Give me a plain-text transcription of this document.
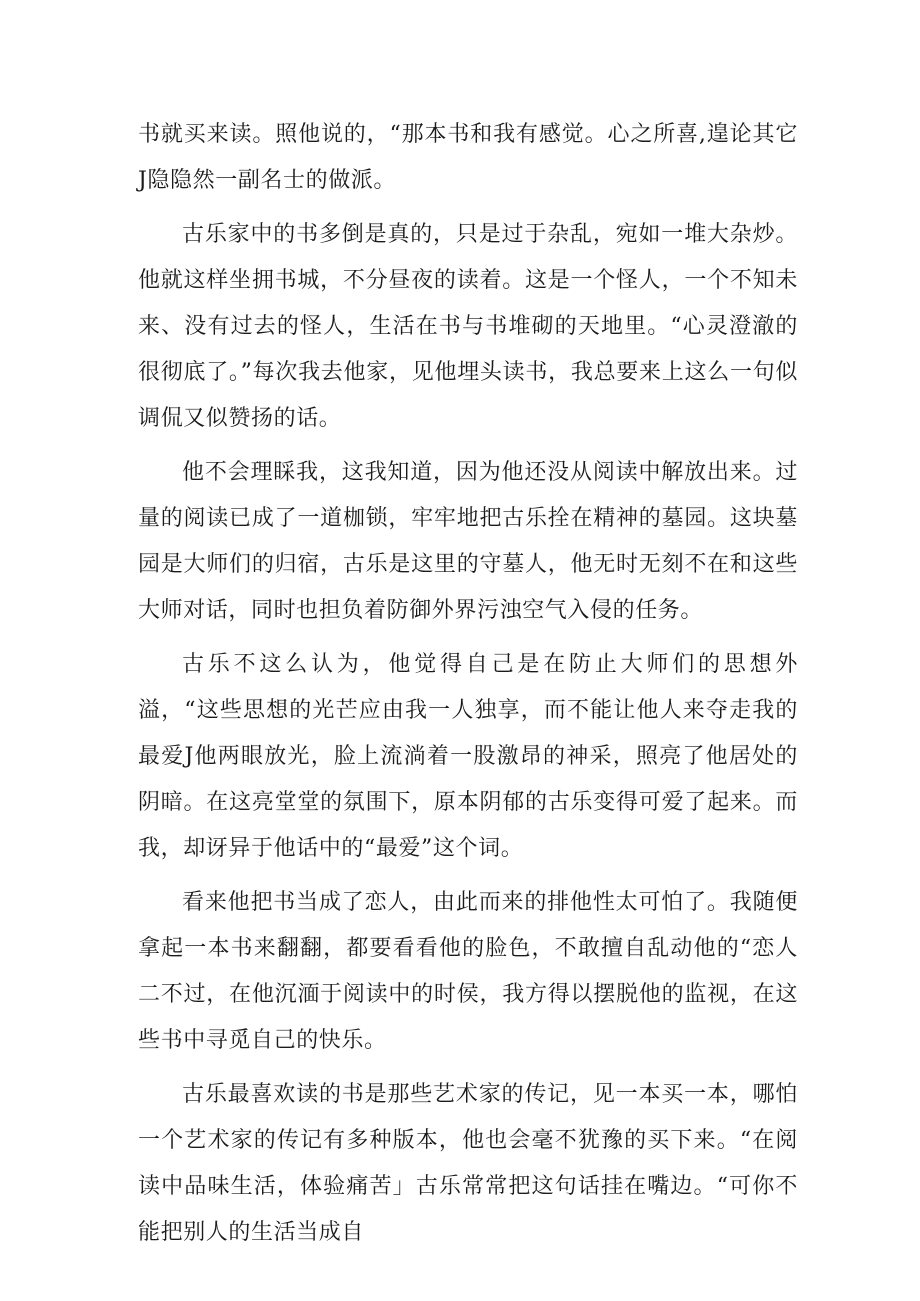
书就买来读。照他说的，“那本书和我有感觉。心之所喜,遑论其它J隐隐然一副名士的做派。

古乐家中的书多倒是真的，只是过于杂乱，宛如一堆大杂炒。他就这样坐拥书城，不分昼夜的读着。这是一个怪人，一个不知未来、没有过去的怪人，生活在书与书堆砌的天地里。“心灵澄澈的很彻底了。”每次我去他家，见他埋头读书，我总要来上这么一句似调侃又似赞扬的话。

他不会理睬我，这我知道，因为他还没从阅读中解放出来。过量的阅读已成了一道枷锁，牢牢地把古乐拴在精神的墓园。这块墓园是大师们的归宿，古乐是这里的守墓人，他无时无刻不在和这些大师对话，同时也担负着防御外界污浊空气入侵的任务。

古乐不这么认为，他觉得自己是在防止大师们的思想外溢，“这些思想的光芒应由我一人独享，而不能让他人来夺走我的最爱J他两眼放光，脸上流淌着一股激昂的神采，照亮了他居处的阴暗。在这亮堂堂的氛围下，原本阴郁的古乐变得可爱了起来。而我，却讶异于他话中的“最爱”这个词。

看来他把书当成了恋人，由此而来的排他性太可怕了。我随便拿起一本书来翻翻，都要看看他的脸色，不敢擅自乱动他的“恋人二不过，在他沉湎于阅读中的时侯，我方得以摆脱他的监视，在这些书中寻觅自己的快乐。

古乐最喜欢读的书是那些艺术家的传记，见一本买一本，哪怕一个艺术家的传记有多种版本，他也会毫不犹豫的买下来。“在阅读中品味生活，体验痛苦」古乐常常把这句话挂在嘴边。“可你不能把别人的生活当成自
